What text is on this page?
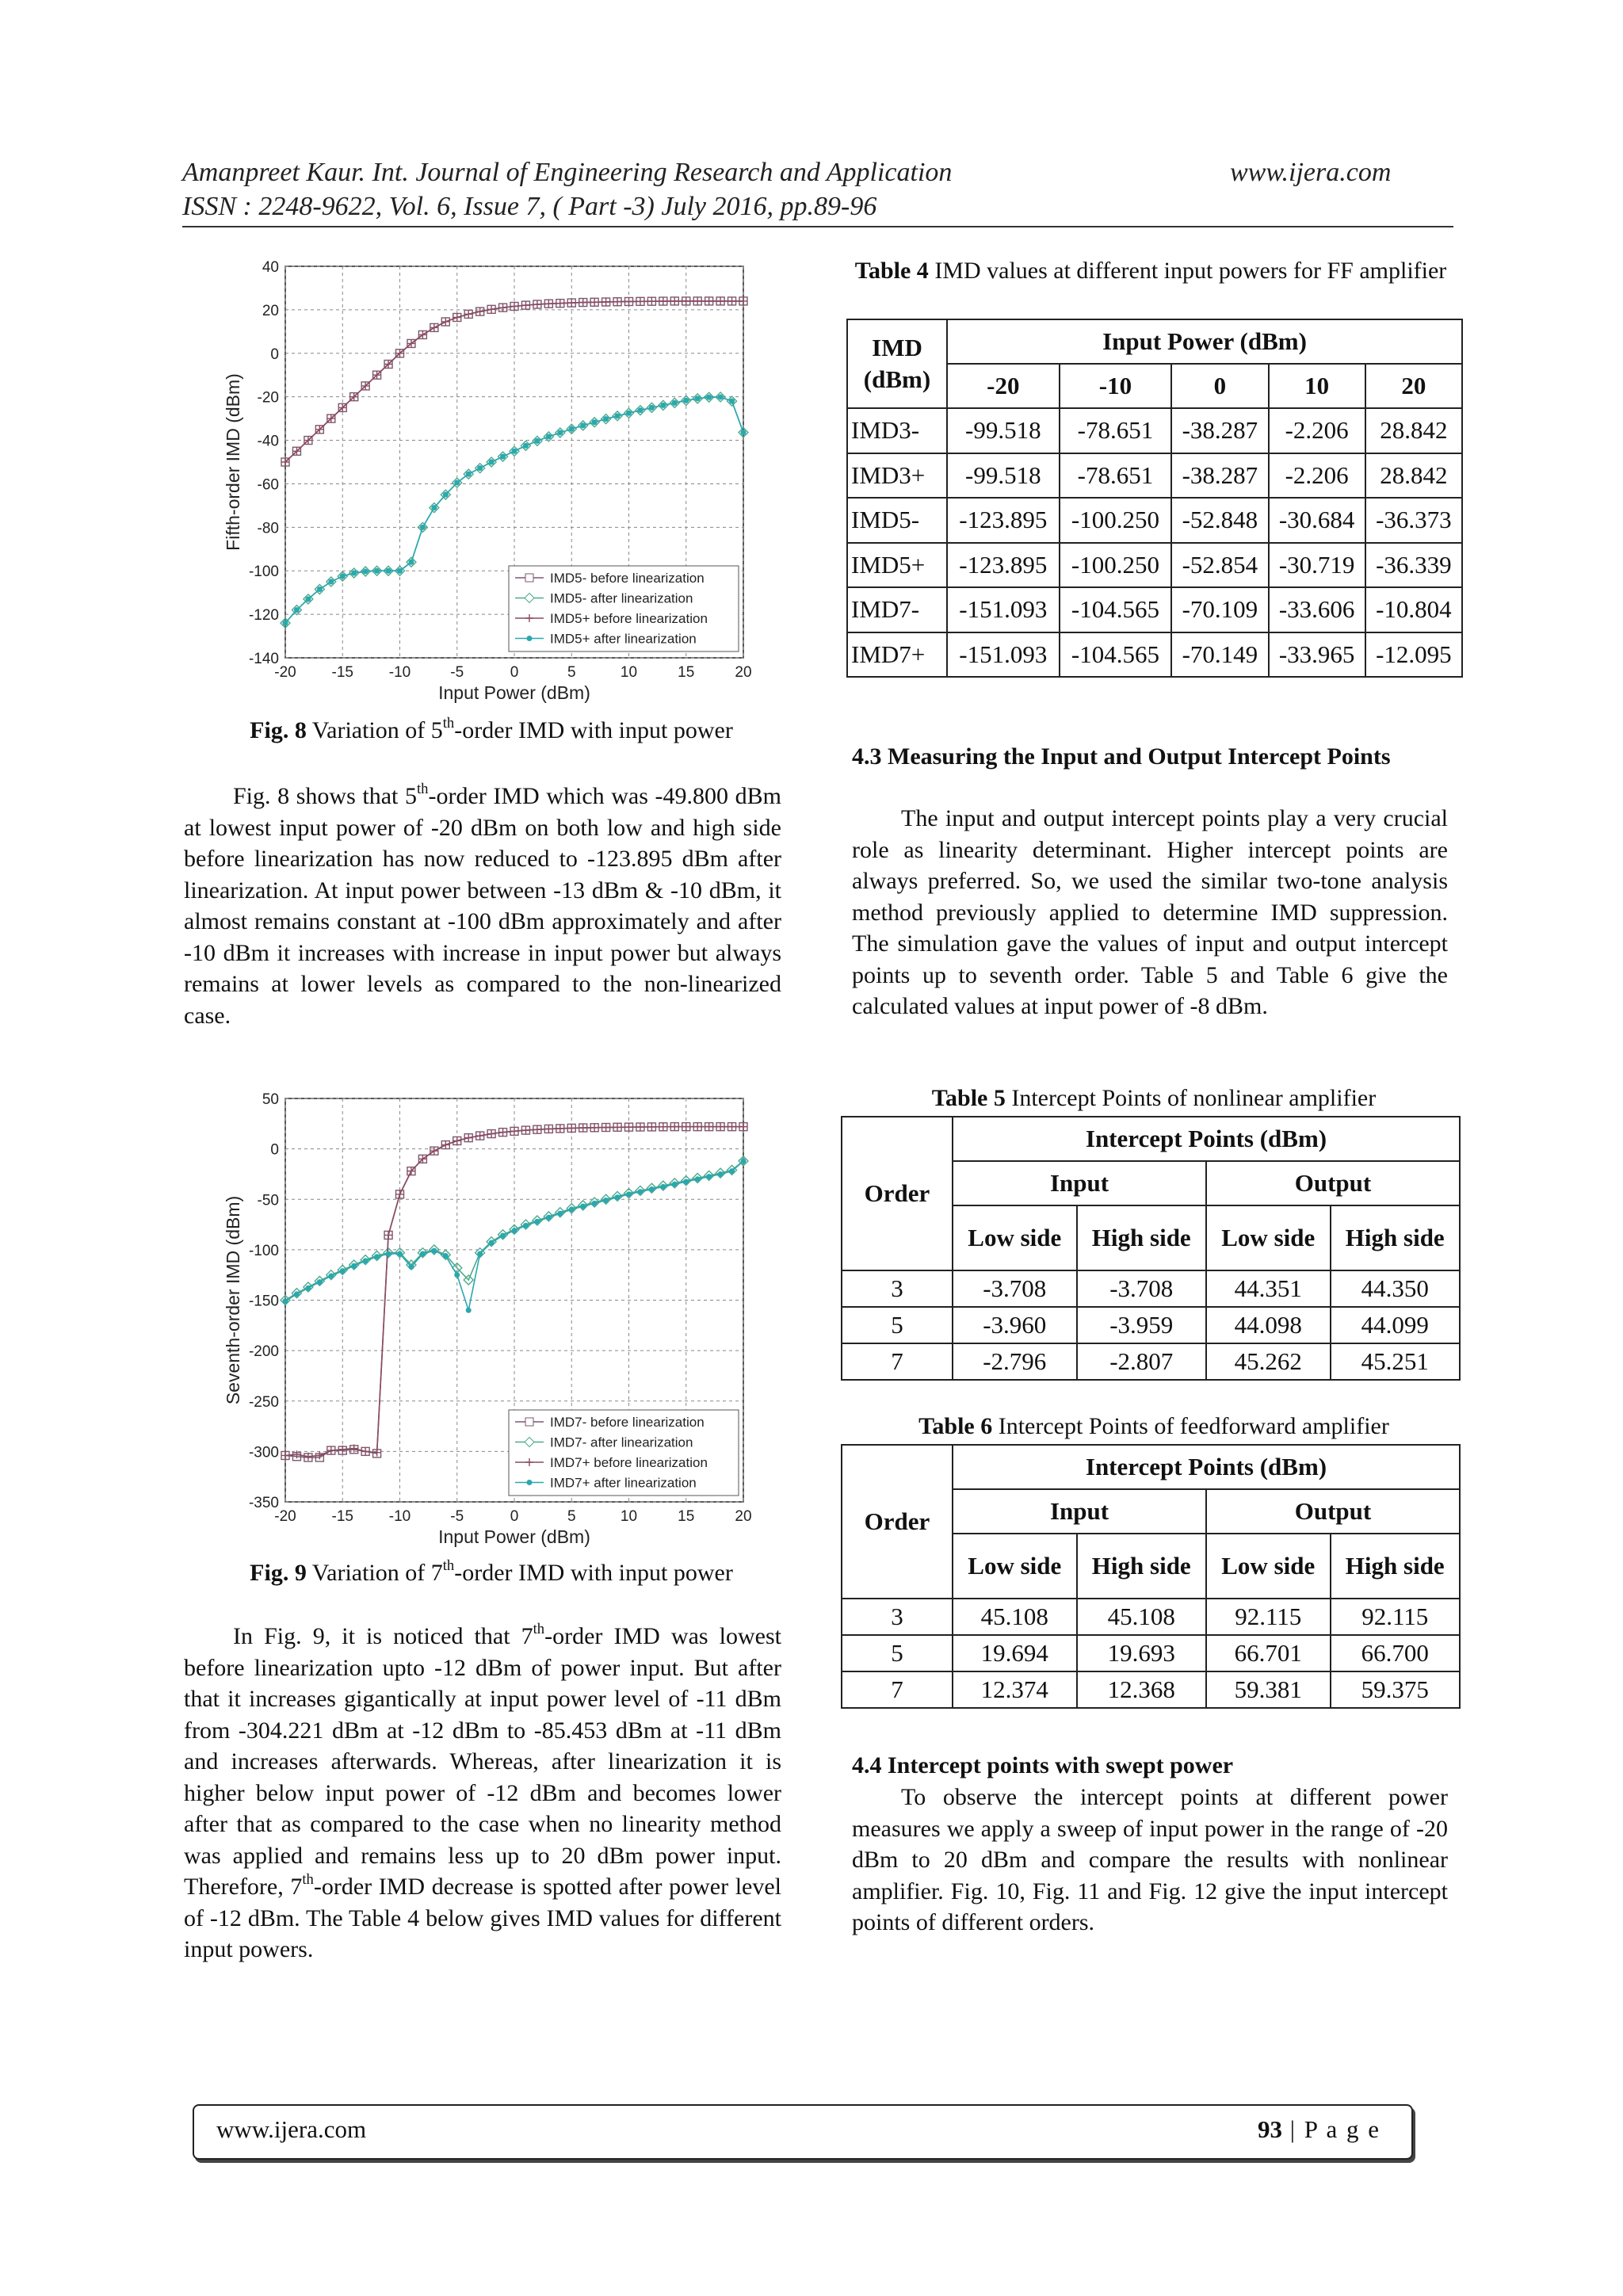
Amanpreet Kaur. Int. Journal of Engineering Research and Application	www.ijera.com
ISSN : 2248-9622, Vol. 6, Issue 7, ( Part -3) July 2016, pp.89-96
-20 -15 -10	-5	0	5	10	15	20
-140
-120
-100
-80
-60
-40
-20
0
20
40
Input Power (dBm)
Fifth-order IMD (dBm)
IMD5- before linearization
IMD5- after linearization
IMD5+ before linearization
IMD5+ after linearization
Fig. 8 Variation of 5th-order IMD with input power
Fig. 8 shows that 5th-order IMD which was -49.800 dBm at lowest input power of -20 dBm on both low and high side before linearization has now reduced to -123.895 dBm after linearization. At input power between -13 dBm & -10 dBm, it almost remains constant at -100 dBm approximately and after -10 dBm it increases with increase in input power but always remains at lower levels as compared to the non-linearized case.
-20 -15 -10	-5	0	5	10	15	20
-350
-300
-250
-200
-150
-100
-50
0
50
Input Power (dBm)
Seventh-order IMD (dBm)
IMD7- before linearization
IMD7- after linearization
IMD7+ before linearization
IMD7+ after linearization
Fig. 9 Variation of 7th-order IMD with input power
In Fig. 9, it is noticed that 7th-order IMD was lowest before linearization upto -12 dBm of power input. But after that it increases gigantically at input power level of -11 dBm from -304.221 dBm at -12 dBm to -85.453 dBm at -11 dBm and increases afterwards. Whereas, after linearization it is higher below input power of -12 dBm and becomes lower after that as compared to the case when no linearity method was applied and remains less up to 20 dBm power input. Therefore, 7th-order IMD decrease is spotted after power level of -12 dBm. The Table 4 below gives IMD values for different input powers.
Table 4 IMD values at different input powers for FF amplifier
IMD (dBm)	Input Power (dBm)				
	-20	-10	0	10	20
IMD3-	-99.518	-78.651	-38.287	-2.206	28.842
IMD3+	-99.518	-78.651	-38.287	-2.206	28.842
IMD5-	-123.895	-100.250	-52.848	-30.684	-36.373
IMD5+	-123.895	-100.250	-52.854	-30.719	-36.339
IMD7-	-151.093	-104.565	-70.109	-33.606	-10.804
IMD7+	-151.093	-104.565	-70.149	-33.965	-12.095
4.3 Measuring the Input and Output Intercept Points
The input and output intercept points play a very crucial role as linearity determinant. Higher intercept points are always preferred. So, we used the similar two-tone analysis method previously applied to determine IMD suppression. The simulation gave the values of input and output intercept points up to seventh order. Table 5 and Table 6 give the calculated values at input power of -8 dBm.
Table 5 Intercept Points of nonlinear amplifier
Order	Intercept Points (dBm)			
	Input		Output	
	Low side	High side	Low side	High side
3	-3.708	-3.708	44.351	44.350
5	-3.960	-3.959	44.098	44.099
7	-2.796	-2.807	45.262	45.251
Table 6 Intercept Points of feedforward amplifier
Order	Intercept Points (dBm)			
	Input		Output	
	Low side	High side	Low side	High side
3	45.108	45.108	92.115	92.115
5	19.694	19.693	66.701	66.700
7	12.374	12.368	59.381	59.375
4.4 Intercept points with swept power
To observe the intercept points at different power measures we apply a sweep of input power in the range of -20 dBm to 20 dBm and compare the results with nonlinear amplifier. Fig. 10, Fig. 11 and Fig. 12 give the input intercept points of different orders.
www.ijera.com	93 | P a g e
